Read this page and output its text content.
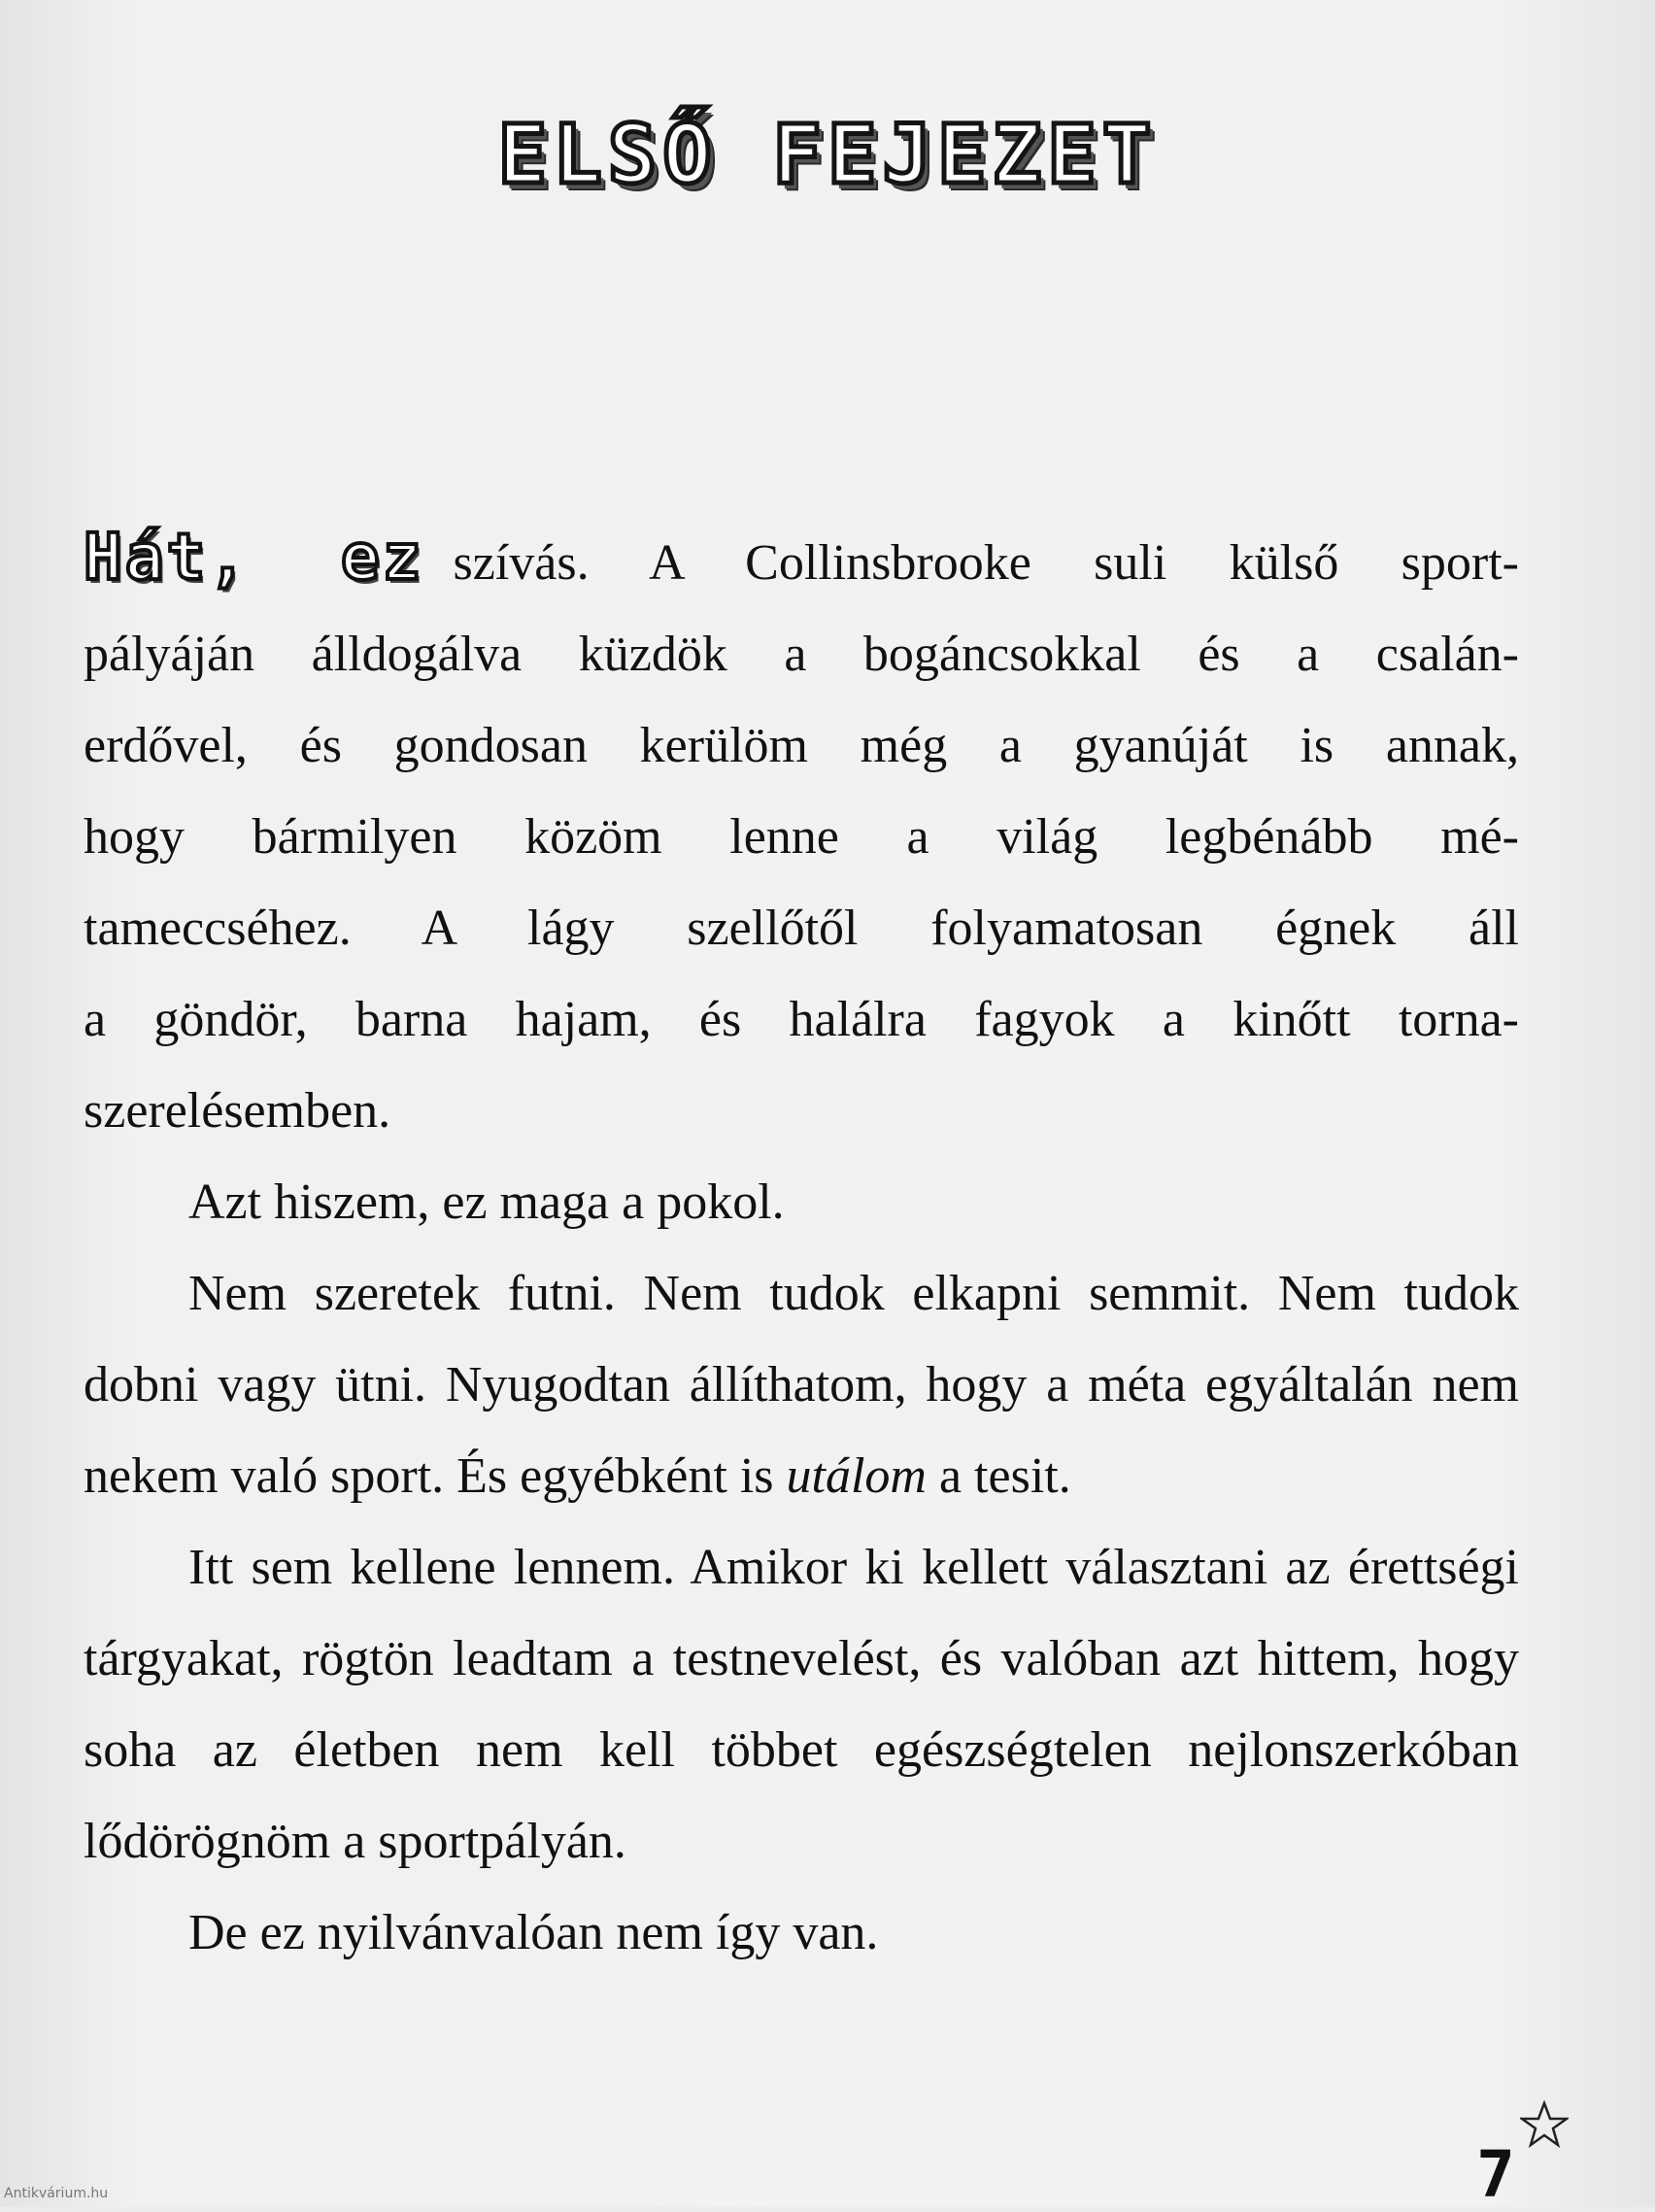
ELSŐ FEJEZET

Hát, ez szívás. A Collinsbrooke suli külső sport-
pályáján álldogálva küzdök a bogáncsokkal és a csalán-
erdővel, és gondosan kerülöm még a gyanúját is annak,
hogy bármilyen közöm lenne a világ legbénább mé-
tameccséhez. A lágy szellőtől folyamatosan égnek áll
a göndör, barna hajam, és halálra fagyok a kinőtt torna-
szerelésemben.

Azt hiszem, ez maga a pokol.

Nem szeretek futni. Nem tudok elkapni semmit. Nem tudok dobni vagy ütni. Nyugodtan állíthatom, hogy a méta egyáltalán nem nekem való sport. És egyébként is utálom a tesit.

Itt sem kellene lennem. Amikor ki kellett választani az érettségi tárgyakat, rögtön leadtam a testnevelést, és valóban azt hittem, hogy soha az életben nem kell többet egészségtelen nejlonszerkóban lődörögnöm a sportpályán.

De ez nyilvánvalóan nem így van.

7
Antikvárium.hu
